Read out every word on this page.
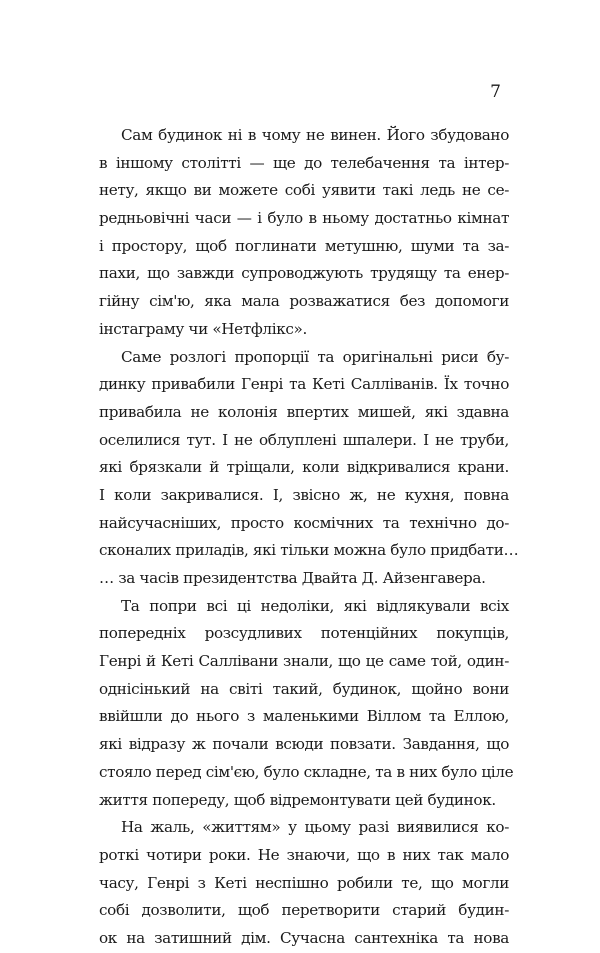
7
Сам будинок ні в чому не винен. Його збудовано
в іншому столітті — ще до телебачення та інтер-
нету, якщо ви можете собі уявити такі ледь не се-
редньовічні часи — і було в ньому достатньо кімнат
і простору, щоб поглинати метушню, шуми та за-
пахи, що завжди супроводжують трудящу та енер-
гійну сім'ю, яка мала розважатися без допомоги
інстаграму чи «Нетфлікс».
Саме розлогі пропорції та оригінальні риси бу-
динку привабили Генрі та Кеті Салліванів. Їх точно
привабила не колонія впертих мишей, які здавна
оселилися тут. І не облуплені шпалери. І не труби,
які брязкали й тріщали, коли відкривалися крани.
І коли закривалися. І, звісно ж, не кухня, повна
найсучасніших, просто космічних та технічно до-
сконалих приладів, які тільки можна було придбати…
… за часів президентства Двайта Д. Айзенгавера.
Та попри всі ці недоліки, які відлякували всіх
попередніх розсудливих потенційних покупців,
Генрі й Кеті Саллівани знали, що це саме той, один-
однісінький на світі такий, будинок, щойно вони
ввійшли до нього з маленькими Віллом та Еллою,
які відразу ж почали всюди повзати. Завдання, що
стояло перед сім'єю, було складне, та в них було ціле
життя попереду, щоб відремонтувати цей будинок.
На жаль, «життям» у цьому разі виявилися ко-
роткі чотири роки. Не знаючи, що в них так мало
часу, Генрі з Кеті неспішно робили те, що могли
собі дозволити, щоб перетворити старий будин-
ок на затишний дім. Сучасна сантехніка та нова
